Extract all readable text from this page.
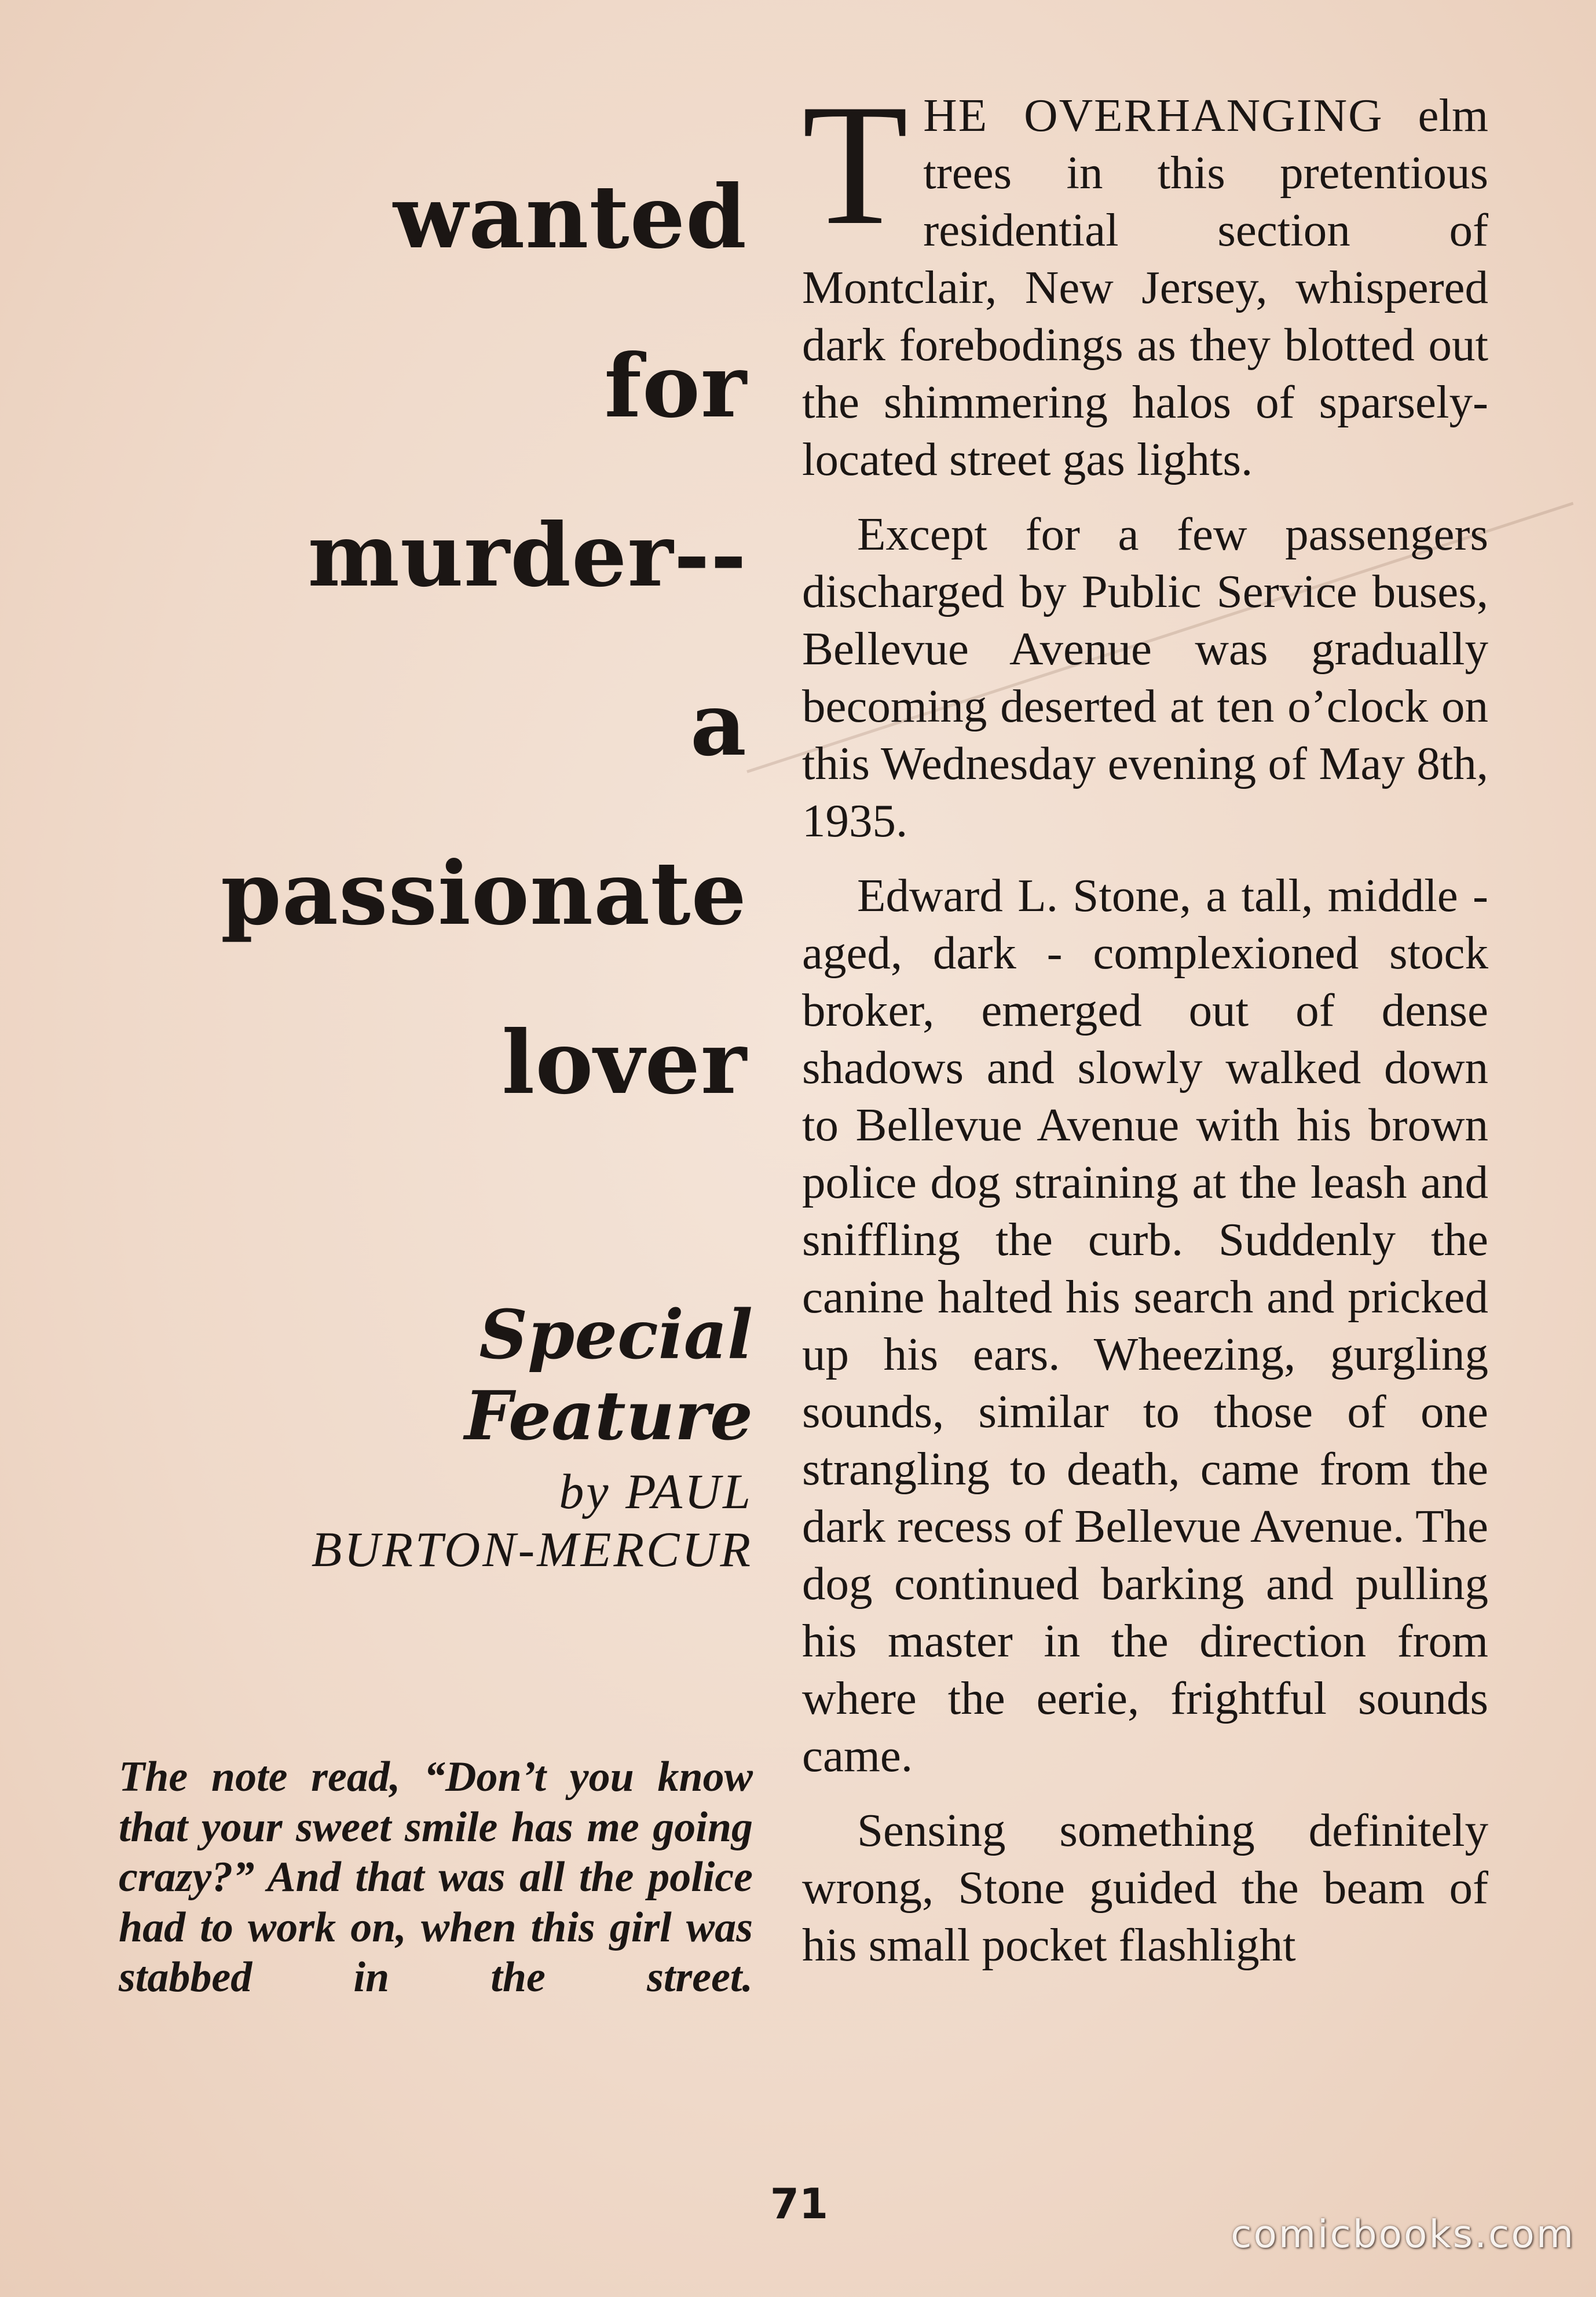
wanted
for
murder--
a
passionate
lover
Special Feature
by PAUL
BURTON-MERCUR
The note read, “Don’t you know that your sweet smile has me going crazy?” And that was all the police had to work on, when this girl was stabbed in the street.

THE OVERHANGING elm trees in this pretentious residential section of Montclair, New Jersey, whispered dark forebodings as they blotted out the shimmering halos of sparsely-located street gas lights.

Except for a few passengers discharged by Public Service buses, Bellevue Avenue was gradually becoming deserted at ten o’clock on this Wednesday evening of May 8th, 1935.

Edward L. Stone, a tall, middle - aged, dark - complexioned stock broker, emerged out of dense shadows and slowly walked down to Bellevue Avenue with his brown police dog straining at the leash and sniffling the curb. Suddenly the canine halted his search and pricked up his ears. Wheezing, gurgling sounds, similar to those of one strangling to death, came from the dark recess of Bellevue Avenue. The dog continued barking and pulling his master in the direction from where the eerie, frightful sounds came.

Sensing something definitely wrong, Stone guided the beam of his small pocket flashlight

71
comicbooks.com
